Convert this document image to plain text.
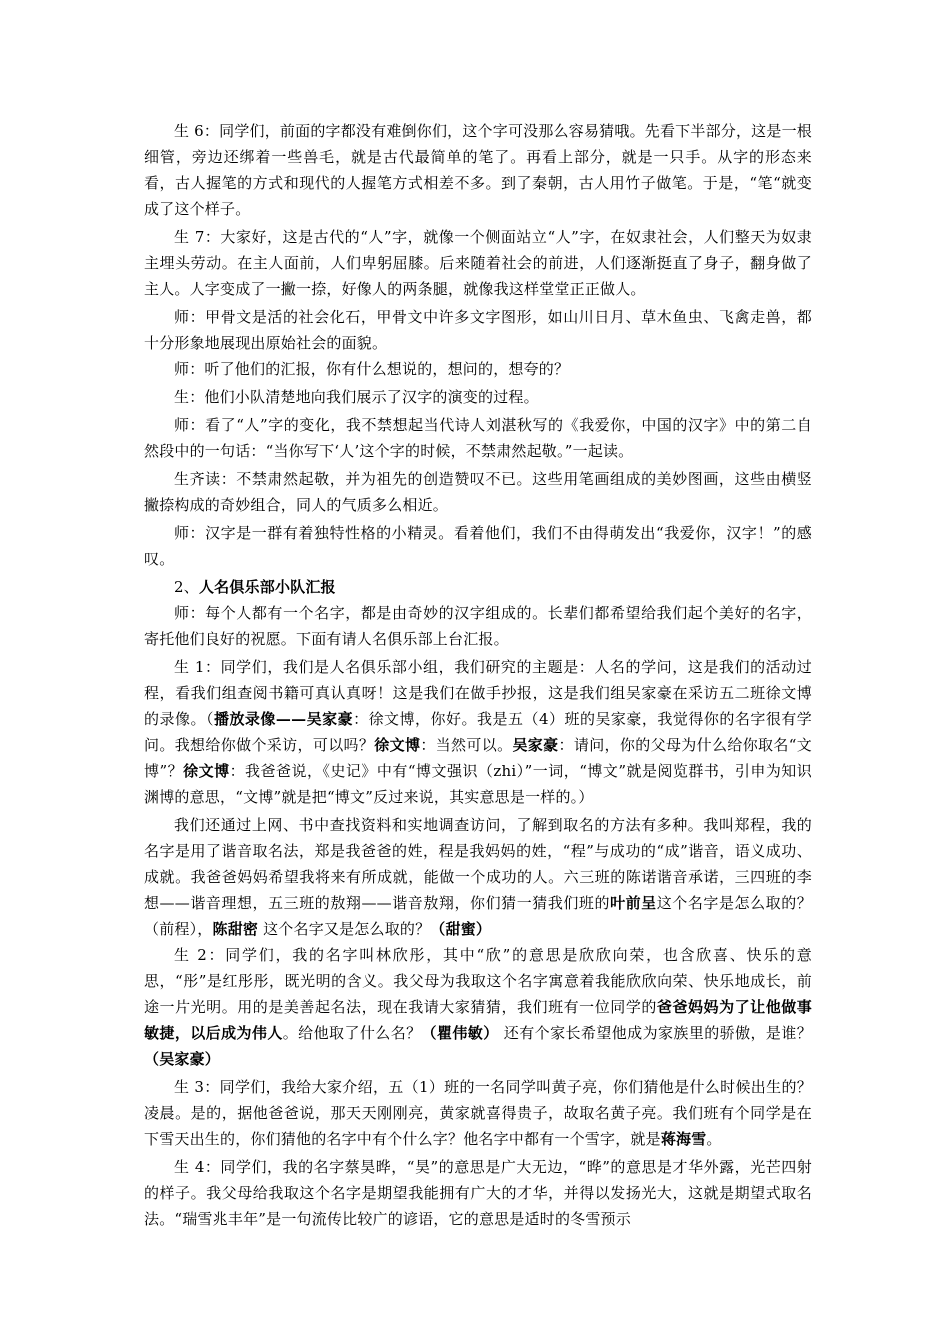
生 6：同学们，前面的字都没有难倒你们，这个字可没那么容易猜哦。先看下半部分，这是一根细管，旁边还绑着一些兽毛，就是古代最简单的笔了。再看上部分，就是一只手。从字的形态来看，古人握笔的方式和现代的人握笔方式相差不多。到了秦朝，古人用竹子做笔。于是，“笔“就变成了这个样子。

生 7：大家好，这是古代的“人”字，就像一个侧面站立“人”字，在奴隶社会，人们整天为奴隶主埋头劳动。在主人面前，人们卑躬屈膝。后来随着社会的前进，人们逐渐挺直了身子，翻身做了主人。人字变成了一撇一捺，好像人的两条腿，就像我这样堂堂正正做人。

师：甲骨文是活的社会化石，甲骨文中许多文字图形，如山川日月、草木鱼虫、飞禽走兽，都十分形象地展现出原始社会的面貌。

师：听了他们的汇报，你有什么想说的，想问的，想夸的？

生：他们小队清楚地向我们展示了汉字的演变的过程。

师：看了“人”字的变化，我不禁想起当代诗人刘湛秋写的《我爱你，中国的汉字》中的第二自然段中的一句话：“当你写下‘人’这个字的时候，不禁肃然起敬。”一起读。

生齐读：不禁肃然起敬，并为祖先的创造赞叹不已。这些用笔画组成的美妙图画，这些由横竖撇捺构成的奇妙组合，同人的气质多么相近。

师：汉字是一群有着独特性格的小精灵。看着他们，我们不由得萌发出“我爱你，汉字！”的感叹。

2、人名俱乐部小队汇报

师：每个人都有一个名字，都是由奇妙的汉字组成的。长辈们都希望给我们起个美好的名字，寄托他们良好的祝愿。下面有请人名俱乐部上台汇报。

生 1：同学们，我们是人名俱乐部小组，我们研究的主题是：人名的学问，这是我们的活动过程，看我们组查阅书籍可真认真呀！这是我们在做手抄报，这是我们组吴家豪在采访五二班徐文博的录像。（播放录像——吴家豪：徐文博，你好。我是五（4）班的吴家豪，我觉得你的名字很有学问。我想给你做个采访，可以吗？徐文博：当然可以。吴家豪：请问，你的父母为什么给你取名“文博”？徐文博：我爸爸说，《史记》中有“博文强识（zhi）”一词，“博文”就是阅览群书，引申为知识渊博的意思，“文博”就是把“博文”反过来说，其实意思是一样的。）

我们还通过上网、书中查找资料和实地调查访问，了解到取名的方法有多种。我叫郑程，我的名字是用了谐音取名法，郑是我爸爸的姓，程是我妈妈的姓，“程”与成功的“成”谐音，语义成功、成就。我爸爸妈妈希望我将来有所成就，能做一个成功的人。六三班的陈诺谐音承诺，三四班的李想——谐音理想，五三班的敖翔——谐音敖翔，你们猜一猜我们班的叶前呈这个名字是怎么取的？（前程），陈甜密 这个名字又是怎么取的？（甜蜜）

生 2：同学们，我的名字叫林欣彤，其中“欣”的意思是欣欣向荣，也含欣喜、快乐的意思，“彤”是红彤彤，既光明的含义。我父母为我取这个名字寓意着我能欣欣向荣、快乐地成长，前途一片光明。用的是美善起名法，现在我请大家猜猜，我们班有一位同学的爸爸妈妈为了让他做事敏捷，以后成为伟人。给他取了什么名？（瞿伟敏） 还有个家长希望他成为家族里的骄傲，是谁？（吴家豪）

生 3：同学们，我给大家介绍，五（1）班的一名同学叫黄子亮，你们猜他是什么时候出生的？凌晨。是的，据他爸爸说，那天天刚刚亮，黄家就喜得贵子，故取名黄子亮。我们班有个同学是在下雪天出生的，你们猜他的名字中有个什么字？他名字中都有一个雪字，就是蒋海雪。

生 4：同学们，我的名字蔡昊晔，“昊”的意思是广大无边，“晔”的意思是才华外露，光芒四射的样子。我父母给我取这个名字是期望我能拥有广大的才华，并得以发扬光大，这就是期望式取名法。“瑞雪兆丰年”是一句流传比较广的谚语，它的意思是适时的冬雪预示
